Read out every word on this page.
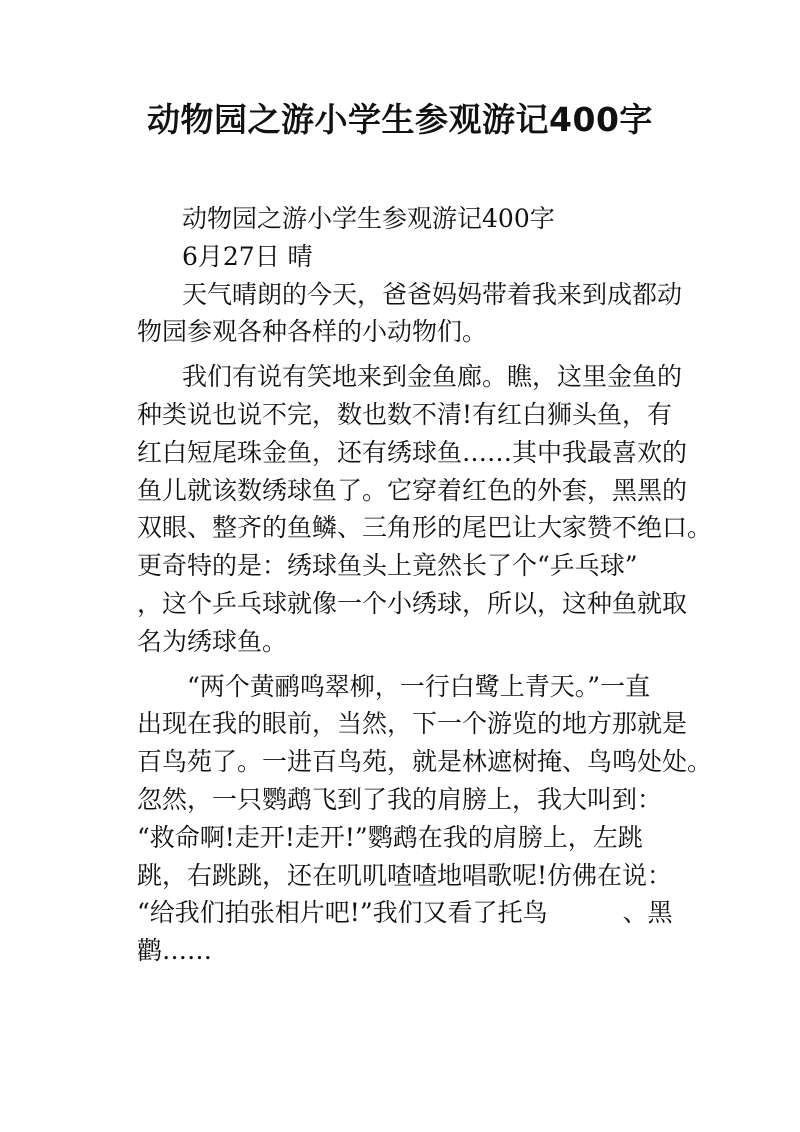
动物园之游小学生参观游记400字
动物园之游小学生参观游记400字
6月27日 晴
天气晴朗的今天，爸爸妈妈带着我来到成都动
物园参观各种各样的小动物们。
我们有说有笑地来到金鱼廊。瞧，这里金鱼的
种类说也说不完，数也数不清!有红白狮头鱼，有
红白短尾珠金鱼，还有绣球鱼……其中我最喜欢的
鱼儿就该数绣球鱼了。它穿着红色的外套，黑黑的
双眼、整齐的鱼鳞、三角形的尾巴让大家赞不绝口。
更奇特的是：绣球鱼头上竟然长了个“乒乓球”
，这个乒乓球就像一个小绣球，所以，这种鱼就取
名为绣球鱼。
“两个黄鹂鸣翠柳，一行白鹭上青天。”一直
出现在我的眼前，当然，下一个游览的地方那就是
百鸟苑了。一进百鸟苑，就是林遮树掩、鸟鸣处处。
忽然，一只鹦鹉飞到了我的肩膀上，我大叫到：
“救命啊!走开!走开!”鹦鹉在我的肩膀上，左跳
跳，右跳跳，还在叽叽喳喳地唱歌呢!仿佛在说：
“给我们拍张相片吧!”我们又看了托鸟　　　、黑
鹳……
